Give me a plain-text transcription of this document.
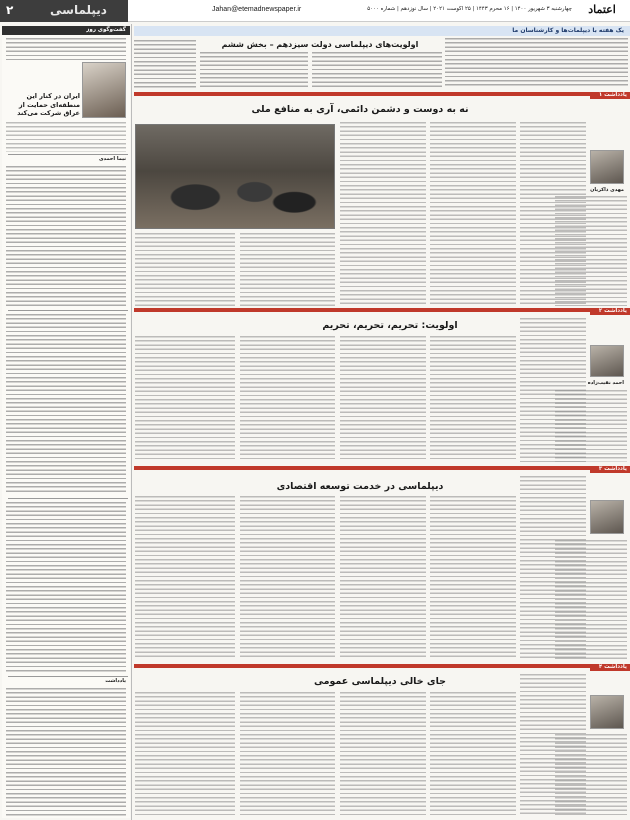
۲	دیپلماسی	Jahan@etemadnewspaper.ir	چهارشنبه ۳ شهریور ۱۴۰۰ | ۱۶ محرم ۱۴۴۳ | ۲۵ آگوست ۲۰۲۱ | سال نوزدهم | شماره ۵۰۰۰	اعتماد
یک هفته با دیپلمات‌ها و کارشناسان ما
اولویت‌های دیپلماسی دولت سیزدهم – بخش ششم
یادداشت ۱
نه به دوست و دشمن دائمی، آری به منافع ملی
مهدی ذاکریان
یادداشت ۲
اولویت: تحریم، تحریم، تحریم
احمد نقیب‌زاده
یادداشت ۳
دیپلماسی در خدمت توسعه اقتصادی
یادداشت ۴
جای خالی دیپلماسی عمومی
گفت‌وگوی روز
ایران در کنار این منطقه‌ای حمایت از عراق شرکت می‌کند
نیما احمدی
یادداشت
